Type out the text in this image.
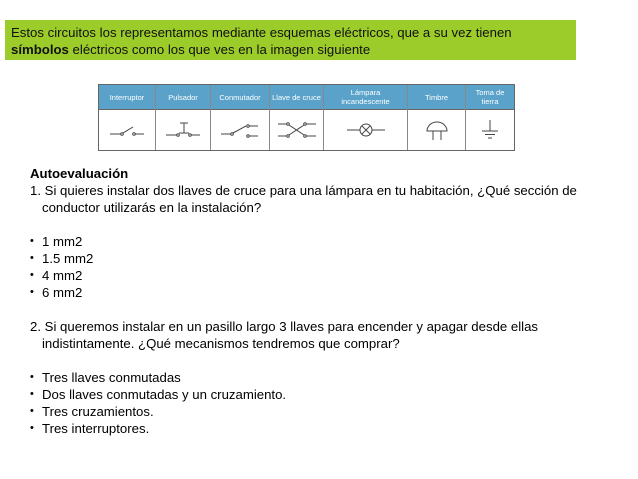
Estos circuitos los representamos mediante esquemas eléctricos, que a su vez tienen
símbolos eléctricos como los que ves en la imagen siguiente
Interruptor	Pulsador	Conmutador	Llave de cruce	Lámpara incandescente	Timbre	Toma de tierra
Autoevaluación
1. Si quieres instalar dos llaves de cruce para una lámpara en tu habitación, ¿Qué sección de
conductor utilizarás en la instalación?
• 1 mm2
• 1.5 mm2
• 4 mm2
• 6 mm2
2. Si queremos instalar en un pasillo largo 3 llaves para encender y apagar desde ellas
indistintamente. ¿Qué mecanismos tendremos que comprar?
• Tres llaves conmutadas
• Dos llaves conmutadas y un cruzamiento.
• Tres cruzamientos.
• Tres interruptores.
